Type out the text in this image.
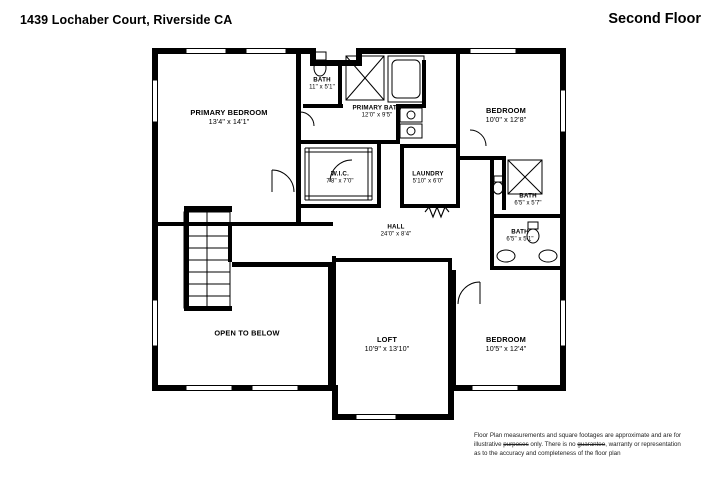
1439 Lochaber Court, Riverside CA	Second Floor
PRIMARY BEDROOM
13'4" x 14'1"
BATH
11" x 5'1"
PRIMARY BATH
12'0" x 9'5"
BEDROOM
10'0" x 12'8"
W.I.C.
7'8" x 7'0"
LAUNDRY
5'10" x 6'0"
BATH
6'5" x 5'7"
BATH
6'5" x 5'1"
HALL
24'0" x 8'4"
OPEN TO BELOW
LOFT
10'9" x 13'10"
BEDROOM
10'5" x 12'4"
Floor Plan measurements and square footages are approximate and are for
illustrative purposes only. There is no guarantee, warranty or representation
as to the accuracy and completeness of the floor plan
